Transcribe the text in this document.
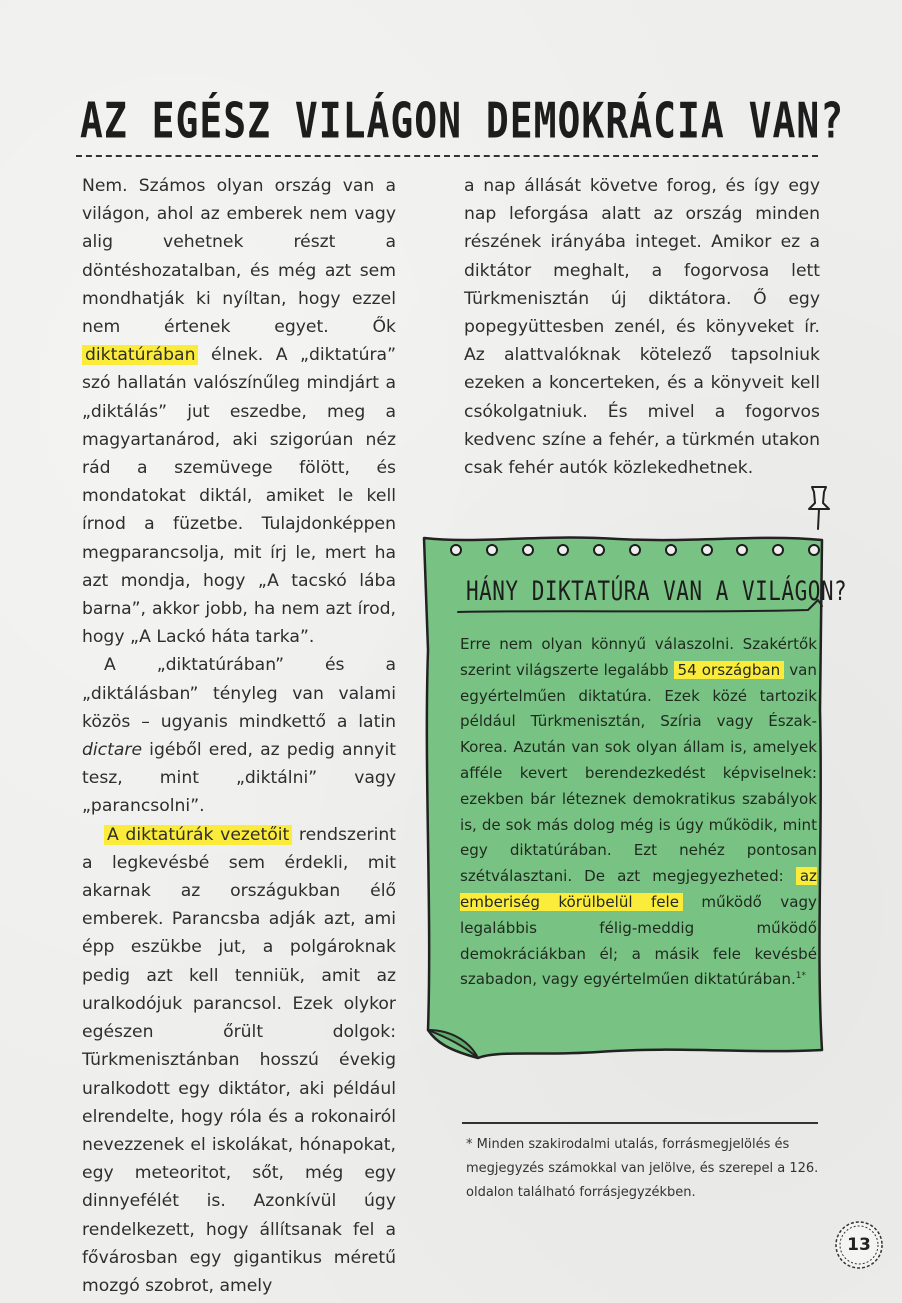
AZ EGÉSZ VILÁGON DEMOKRÁCIA VAN?

Nem. Számos olyan ország van a világon, ahol az emberek nem vagy alig vehetnek részt a döntéshozatalban, és még azt sem mondhatják ki nyíltan, hogy ezzel nem értenek egyet. Ők diktatúrában élnek. A „diktatúra” szó hallatán valószínűleg mindjárt a „diktálás” jut eszedbe, meg a magyartanárod, aki szigorúan néz rád a szemüvege fölött, és mondatokat diktál, amiket le kell írnod a füzetbe. Tulajdonképpen megparancsolja, mit írj le, mert ha azt mondja, hogy „A tacskó lába barna”, akkor jobb, ha nem azt írod, hogy „A Lackó háta tarka”.

A „diktatúrában” és a „diktálásban” tényleg van valami közös – ugyanis mindkettő a latin dictare igéből ered, az pedig annyit tesz, mint „diktálni” vagy „parancsolni”.

A diktatúrák vezetőit rendszerint a legkevésbé sem érdekli, mit akarnak az országukban élő emberek. Parancsba adják azt, ami épp eszükbe jut, a polgároknak pedig azt kell tenniük, amit az uralkodójuk parancsol. Ezek olykor egészen őrült dolgok: Türkmenisztánban hosszú évekig uralkodott egy diktátor, aki például elrendelte, hogy róla és a rokonairól nevezzenek el iskolákat, hónapokat, egy meteoritot, sőt, még egy dinnyefélét is. Azonkívül úgy rendelkezett, hogy állítsanak fel a fővárosban egy gigantikus méretű mozgó szobrot, amely

a nap állását követve forog, és így egy nap leforgása alatt az ország minden részének irányába integet. Amikor ez a diktátor meghalt, a fogorvosa lett Türkmenisztán új diktátora. Ő egy popegyüttesben zenél, és könyveket ír. Az alattvalóknak kötelező tapsolniuk ezeken a koncerteken, és a könyveit kell csókolgatniuk. És mivel a fogorvos kedvenc színe a fehér, a türkmén utakon csak fehér autók közlekedhetnek.

HÁNY DIKTATÚRA VAN A VILÁGON?

Erre nem olyan könnyű válaszolni. Szakértők szerint világszerte legalább 54 országban van egyértelműen diktatúra. Ezek közé tartozik például Türkmenisztán, Szíria vagy Észak-Korea. Azután van sok olyan állam is, amelyek afféle kevert berendezkedést képviselnek: ezekben bár léteznek demokratikus szabályok is, de sok más dolog még is úgy működik, mint egy diktatúrában. Ezt nehéz pontosan szétválasztani. De azt megjegyezheted: az emberiség körülbelül fele működő vagy legalábbis félig-meddig működő demokráciákban él; a másik fele kevésbé szabadon, vagy egyértelműen diktatúrában.$^{1*}$

* Minden szakirodalmi utalás, forrásmegjelölés és megjegyzés számokkal van jelölve, és szerepel a 126. oldalon található forrásjegyzékben.

13
